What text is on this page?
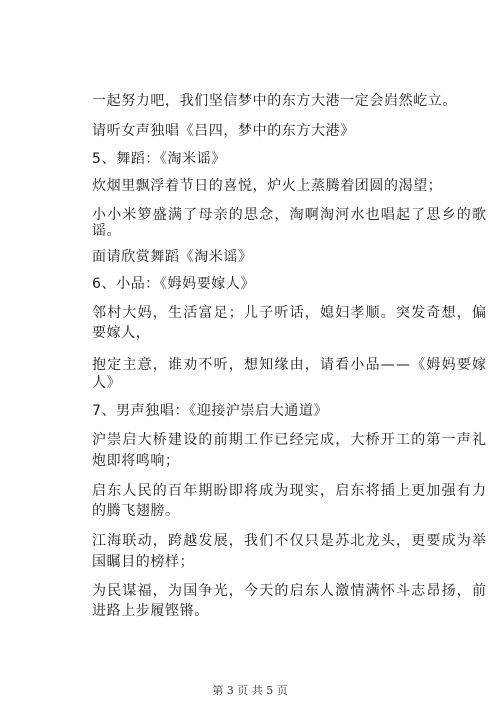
一起努力吧，我们坚信梦中的东方大港一定会岿然屹立。
请听女声独唱《吕四，梦中的东方大港》
5、舞蹈：《淘米谣》
炊烟里飘浮着节日的喜悦，炉火上蒸腾着团圆的渴望；
小小米箩盛满了母亲的思念，淘啊淘河水也唱起了思乡的歌
谣。
面请欣赏舞蹈《淘米谣》
6、小品：《姆妈要嫁人》
邻村大妈，生活富足；儿子听话，媳妇孝顺。突发奇想，偏
要嫁人，
抱定主意，谁劝不听，想知缘由，请看小品——《姆妈要嫁
人》
7、男声独唱：《迎接沪崇启大通道》
沪崇启大桥建设的前期工作已经完成，大桥开工的第一声礼
炮即将鸣响；
启东人民的百年期盼即将成为现实，启东将插上更加强有力
的腾飞翅膀。
江海联动，跨越发展，我们不仅只是苏北龙头，更要成为举
国瞩目的榜样；
为民谋福，为国争光，今天的启东人激情满怀斗志昂扬，前
进路上步履铿锵。
第 3 页 共 5 页
